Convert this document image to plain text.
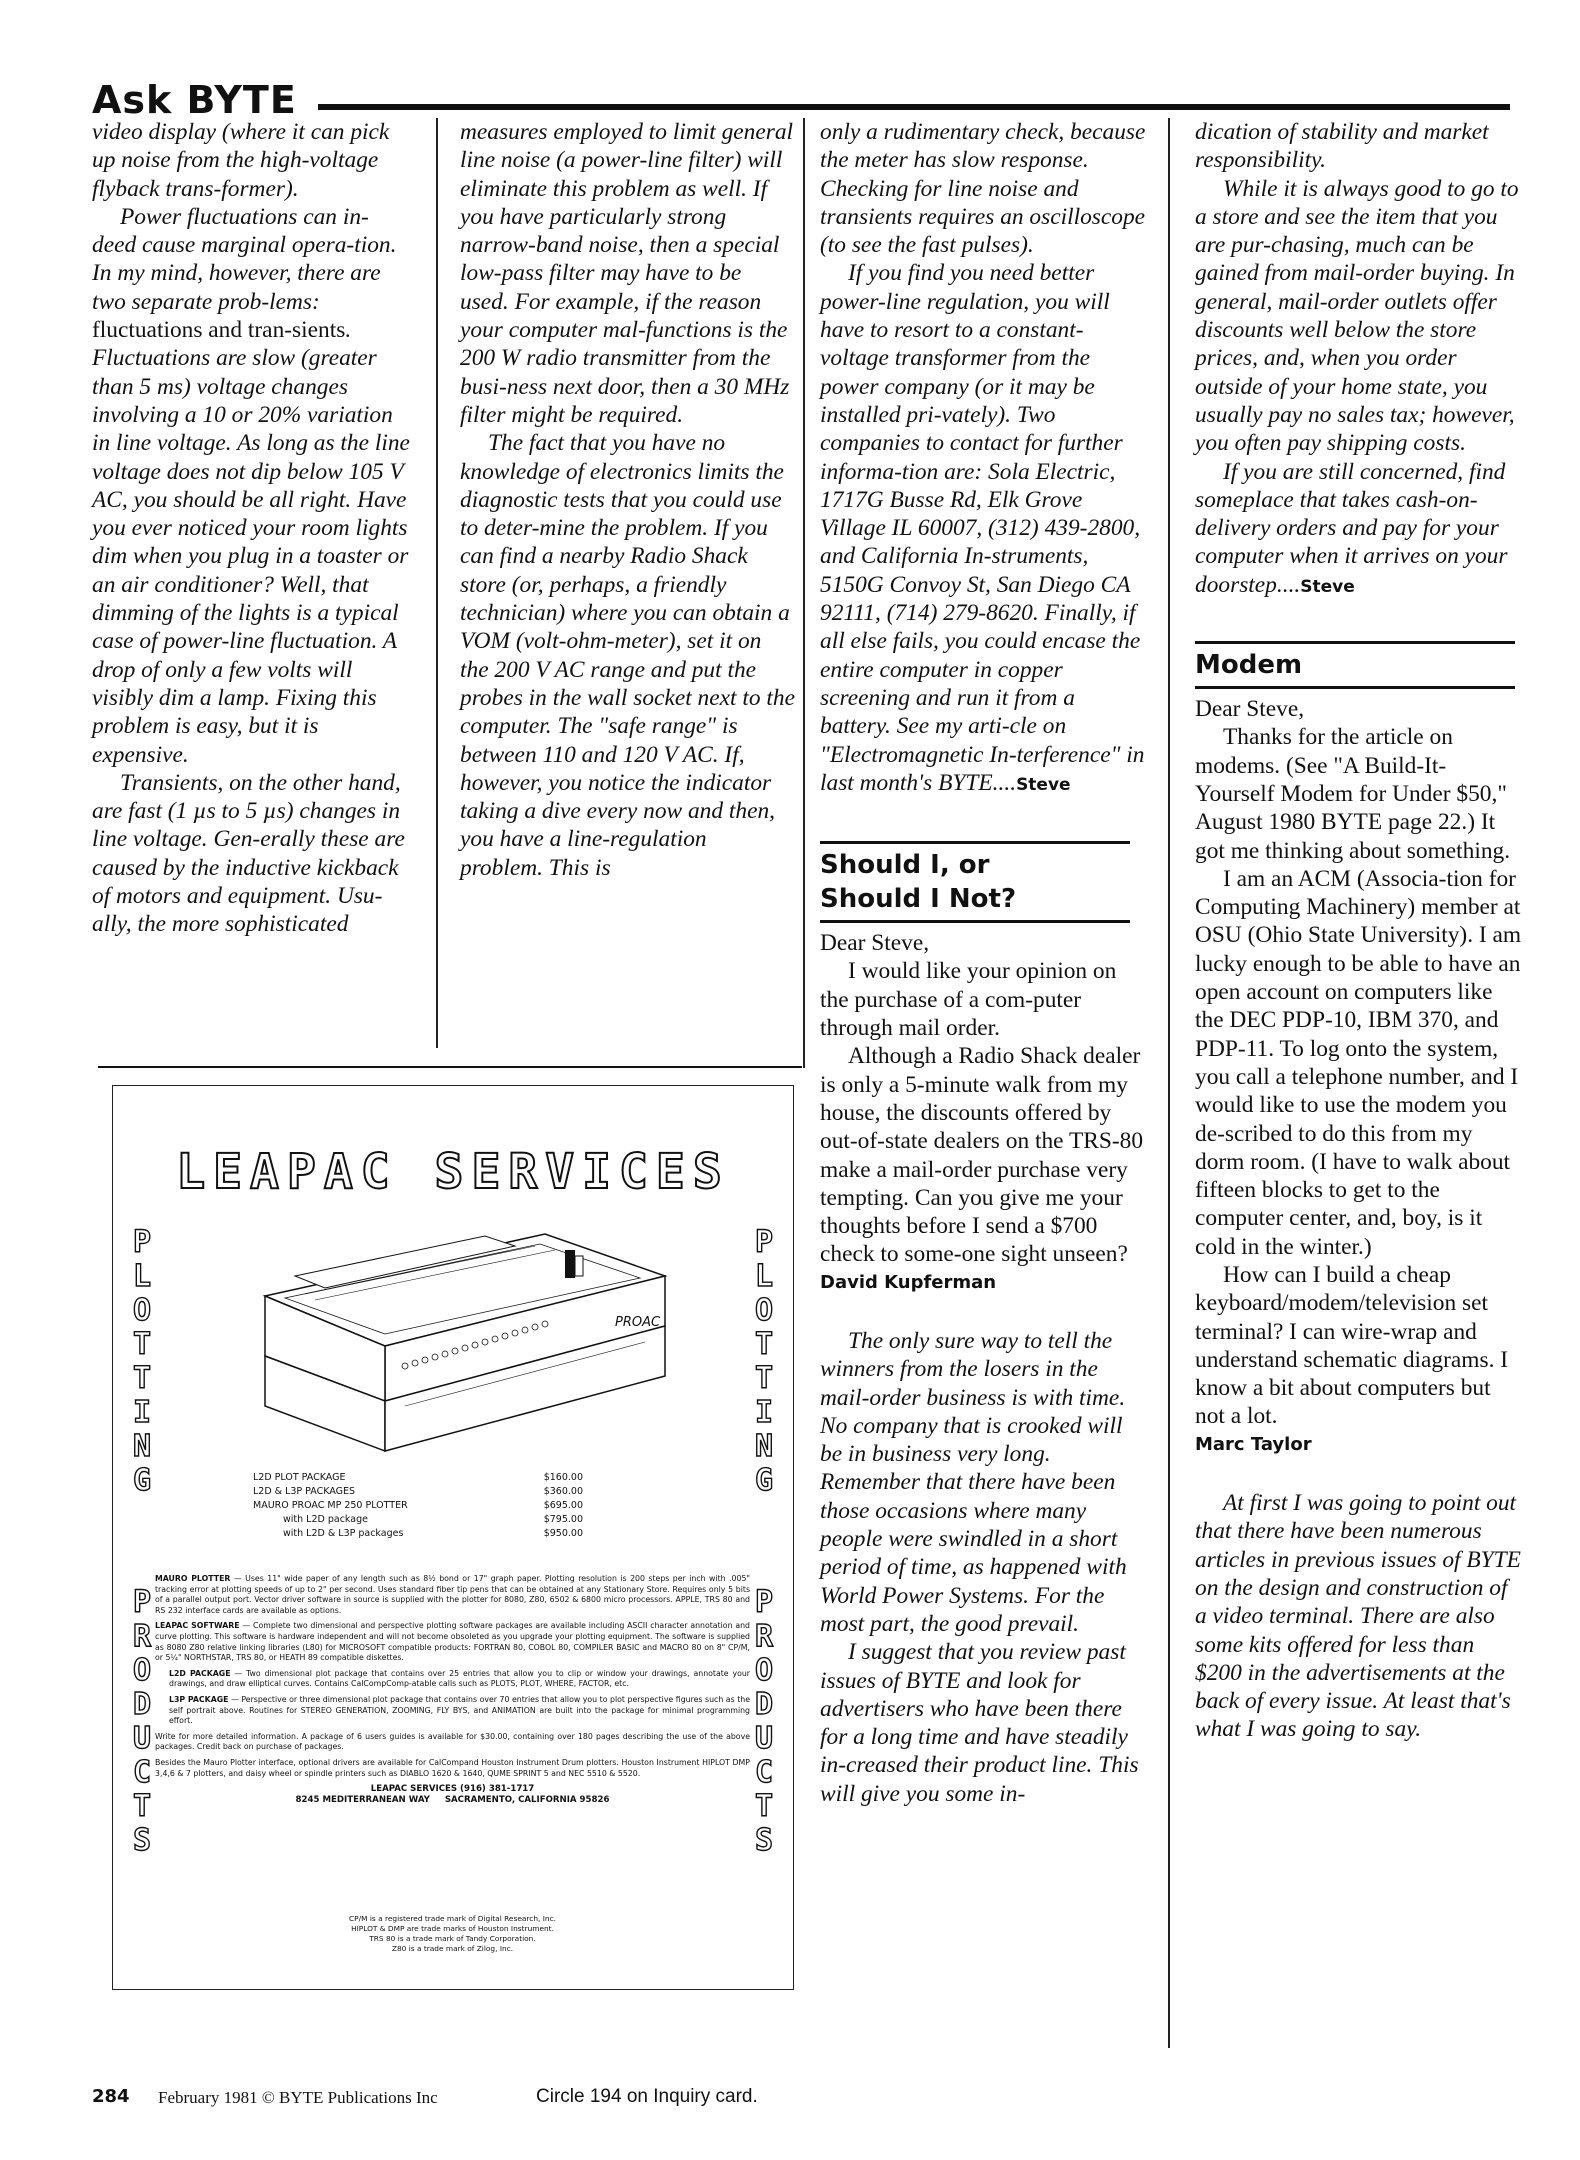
Ask BYTE

video display (where it can pick up noise from the high-voltage flyback trans-former).

Power fluctuations can in-deed cause marginal opera-tion. In my mind, however, there are two separate prob-lems: fluctuations and tran-sients. Fluctuations are slow (greater than 5 ms) voltage changes involving a 10 or 20% variation in line voltage. As long as the line voltage does not dip below 105 V AC, you should be all right. Have you ever noticed your room lights dim when you plug in a toaster or an air conditioner? Well, that dimming of the lights is a typical case of power-line fluctuation. A drop of only a few volts will visibly dim a lamp. Fixing this problem is easy, but it is expensive.

Transients, on the other hand, are fast (1 µs to 5 µs) changes in line voltage. Gen-erally these are caused by the inductive kickback of motors and equipment. Usu-ally, the more sophisticated

measures employed to limit general line noise (a power-line filter) will eliminate this problem as well. If you have particularly strong narrow-band noise, then a special low-pass filter may have to be used. For example, if the reason your computer mal-functions is the 200 W radio transmitter from the busi-ness next door, then a 30 MHz filter might be required.

The fact that you have no knowledge of electronics limits the diagnostic tests that you could use to deter-mine the problem. If you can find a nearby Radio Shack store (or, perhaps, a friendly technician) where you can obtain a VOM (volt-ohm-meter), set it on the 200 V AC range and put the probes in the wall socket next to the computer. The "safe range" is between 110 and 120 V AC. If, however, you notice the indicator taking a dive every now and then, you have a line-regulation problem. This is

only a rudimentary check, because the meter has slow response. Checking for line noise and transients requires an oscilloscope (to see the fast pulses).

If you find you need better power-line regulation, you will have to resort to a constant-voltage transformer from the power company (or it may be installed pri-vately). Two companies to contact for further informa-tion are: Sola Electric, 1717G Busse Rd, Elk Grove Village IL 60007, (312) 439-2800, and California In-struments, 5150G Convoy St, San Diego CA 92111, (714) 279-8620. Finally, if all else fails, you could encase the entire computer in copper screening and run it from a battery. See my arti-cle on "Electromagnetic In-terference" in last month's BYTE....Steve

Should I, or
Should I Not?

Dear Steve,

I would like your opinion on the purchase of a com-puter through mail order.

Although a Radio Shack dealer is only a 5-minute walk from my house, the discounts offered by out-of-state dealers on the TRS-80 make a mail-order purchase very tempting. Can you give me your thoughts before I send a $700 check to some-one sight unseen?

David Kupferman

The only sure way to tell the winners from the losers in the mail-order business is with time. No company that is crooked will be in business very long. Remember that there have been those occasions where many people were swindled in a short period of time, as happened with World Power Systems. For the most part, the good prevail.

I suggest that you review past issues of BYTE and look for advertisers who have been there for a long time and have steadily in-creased their product line. This will give you some in-

dication of stability and market responsibility.

While it is always good to go to a store and see the item that you are pur-chasing, much can be gained from mail-order buying. In general, mail-order outlets offer discounts well below the store prices, and, when you order outside of your home state, you usually pay no sales tax; however, you often pay shipping costs.

If you are still concerned, find someplace that takes cash-on-delivery orders and pay for your computer when it arrives on your doorstep....Steve

Modem

Dear Steve,

Thanks for the article on modems. (See "A Build-It-Yourself Modem for Under $50," August 1980 BYTE page 22.) It got me thinking about something.

I am an ACM (Associa-tion for Computing Machinery) member at OSU (Ohio State University). I am lucky enough to be able to have an open account on computers like the DEC PDP-10, IBM 370, and PDP-11. To log onto the system, you call a telephone number, and I would like to use the modem you de-scribed to do this from my dorm room. (I have to walk about fifteen blocks to get to the computer center, and, boy, is it cold in the winter.)

How can I build a cheap keyboard/modem/television set terminal? I can wire-wrap and understand schematic diagrams. I know a bit about computers but not a lot.

Marc Taylor

At first I was going to point out that there have been numerous articles in previous issues of BYTE on the design and construction of a video terminal. There are also some kits offered for less than $200 in the advertisements at the back of every issue. At least that's what I was going to say.

LEAPAC SERVICES
P
L
O
T
T
I
N
G
P
R
O
D
U
C
T
S
P
L
O
T
T
I
N
G
P
R
O
D
U
C
T
S
PROAC
L2D PLOT PACKAGE	$160.00
L2D & L3P PACKAGES	$360.00
MAURO PROAC MP 250 PLOTTER	$695.00
with L2D package	$795.00
with L2D & L3P packages	$950.00

MAURO PLOTTER — Uses 11" wide paper of any length such as 8½ bond or 17" graph paper. Plotting resolution is 200 steps per inch with .005" tracking error at plotting speeds of up to 2" per second. Uses standard fiber tip pens that can be obtained at any Stationary Store. Requires only 5 bits of a parallel output port. Vector driver software in source is supplied with the plotter for 8080, Z80, 6502 & 6800 micro processors. APPLE, TRS 80 and RS 232 interface cards are available as options.

LEAPAC SOFTWARE — Complete two dimensional and perspective plotting software packages are available including ASCII character annotation and curve plotting. This software is hardware independent and will not become obsoleted as you upgrade your plotting equipment. The software is supplied as 8080 Z80 relative linking libraries (L80) for MICROSOFT compatible products: FORTRAN 80, COBOL 80, COMPILER BASIC and MACRO 80 on 8" CP/M, or 5¼" NORTHSTAR, TRS 80, or HEATH 89 compatible diskettes.

L2D PACKAGE — Two dimensional plot package that contains over 25 entries that allow you to clip or window your drawings, annotate your drawings, and draw elliptical curves. Contains CalCompComp-atable calls such as PLOTS, PLOT, WHERE, FACTOR, etc.

L3P PACKAGE — Perspective or three dimensional plot package that contains over 70 entries that allow you to plot perspective figures such as the self portrait above. Routines for STEREO GENERATION, ZOOMING, FLY BYS, and ANIMATION are built into the package for minimal programming effort.

Write for more detailed information. A package of 6 users guides is available for $30.00, containing over 180 pages describing the use of the above packages. Credit back on purchase of packages.

Besides the Mauro Plotter interface, optional drivers are available for CalCompand Houston Instrument Drum plotters. Houston Instrument HIPLOT DMP 3,4,6 & 7 plotters, and daisy wheel or spindle printers such as DIABLO 1620 & 1640, QUME SPRINT 5 and NEC 5510 & 5520.

LEAPAC SERVICES (916) 381-1717
8245 MEDITERRANEAN WAY     SACRAMENTO, CALIFORNIA 95826
CP/M is a registered trade mark of Digital Research, Inc.
HIPLOT & DMP are trade marks of Houston Instrument.
TRS 80 is a trade mark of Tandy Corporation.
Z80 is a trade mark of Zilog, Inc.
284 February 1981 © BYTE Publications Inc	Circle 194 on Inquiry card.
